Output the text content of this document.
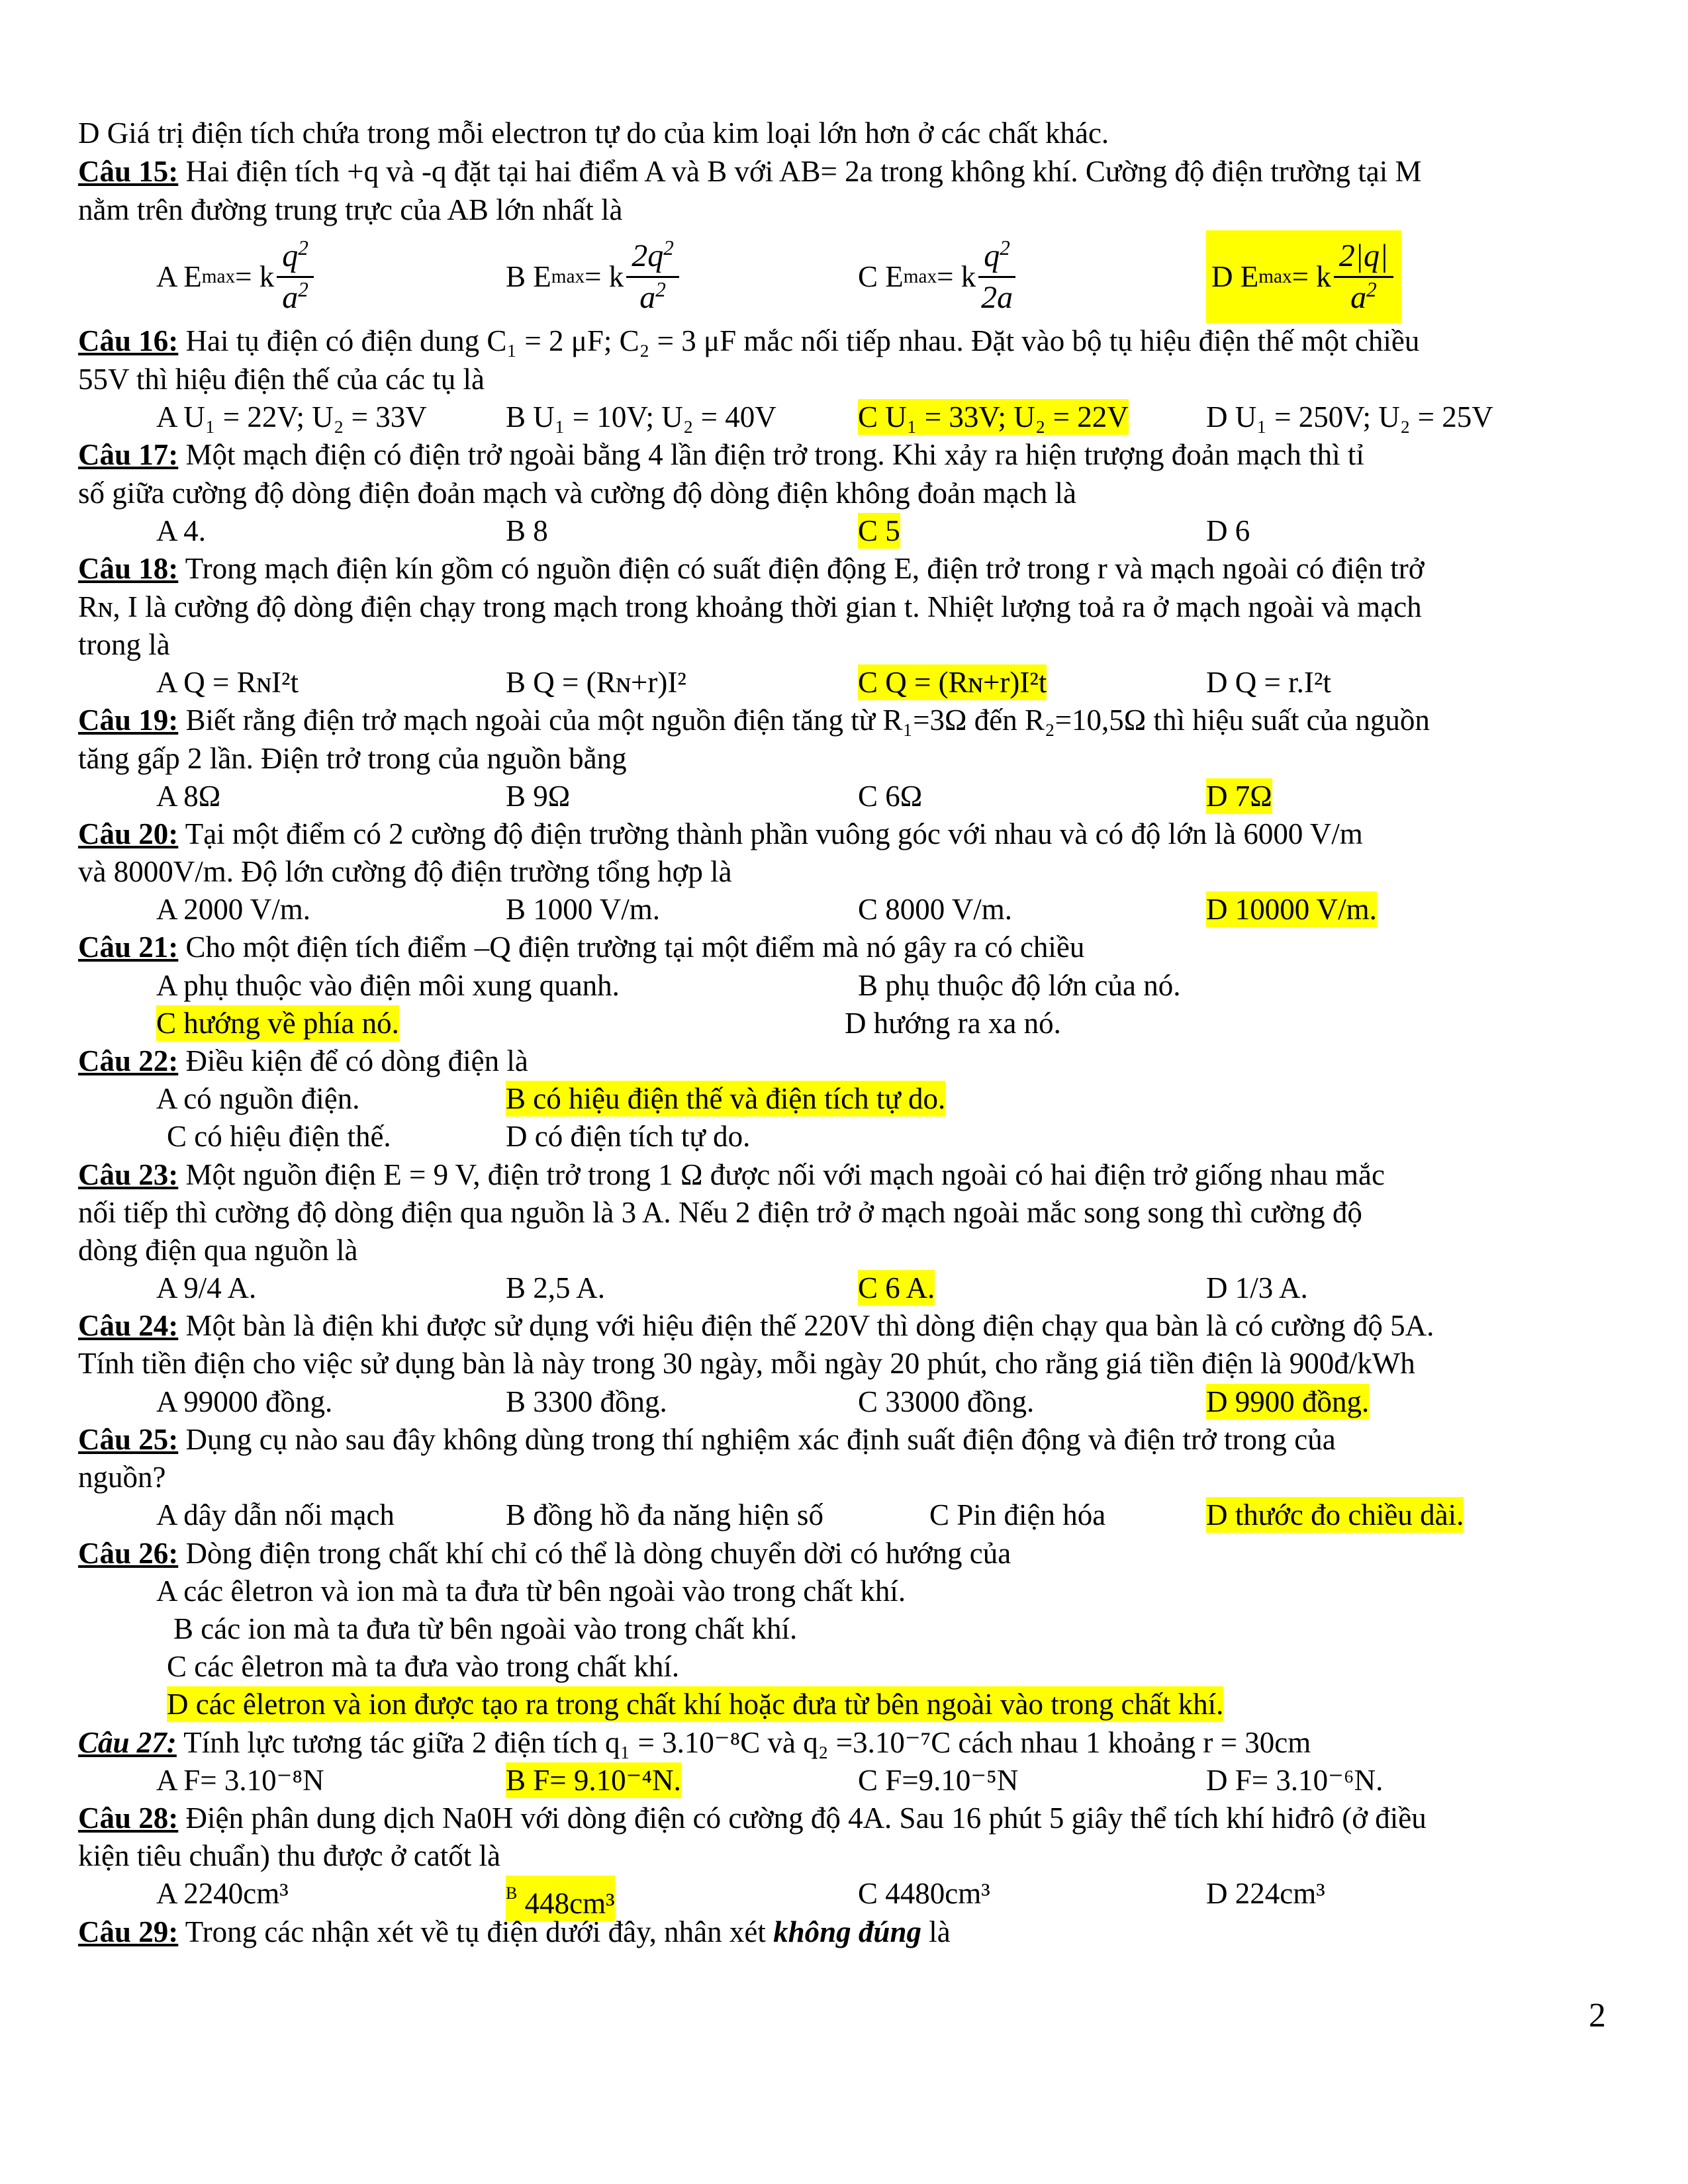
D Giá trị điện tích chứa trong mỗi electron tự do của kim loại lớn hơn ở các chất khác.
Câu 15: Hai điện tích +q và -q đặt tại hai điểm A và B với AB= 2a trong không khí. Cường độ điện trường tại M
nằm trên đường trung trực của AB lớn nhất là
A E max = k $\frac{q^2}{a^2}$	B E max = k $\frac{2q^2}{a^2}$	C E max = k $\frac{q^2}{2a}$	D E max = k $\frac{2|q|}{a^2}$
Câu 16: Hai tụ điện có điện dung C₁ = 2 μF; C₂ = 3 μF mắc nối tiếp nhau. Đặt vào bộ tụ hiệu điện thế một chiều
55V thì hiệu điện thế của các tụ là
A U₁ = 22V; U₂ = 33V	B U₁ = 10V; U₂ = 40V	C U₁ = 33V; U₂ = 22V	D U₁ = 250V; U₂ = 25V
Câu 17: Một mạch điện có điện trở ngoài bằng 4 lần điện trở trong. Khi xảy ra hiện trượng đoản mạch thì tỉ
số giữa cường độ dòng điện đoản mạch và cường độ dòng điện không đoản mạch là
A 4.	B 8	C 5	D 6
Câu 18: Trong mạch điện kín gồm có nguồn điện có suất điện động E, điện trở trong r và mạch ngoài có điện trở
Rɴ, I là cường độ dòng điện chạy trong mạch trong khoảng thời gian t. Nhiệt lượng toả ra ở mạch ngoài và mạch
trong là
A Q = RɴI²t	B Q = (Rɴ+r)I²	C Q = (Rɴ+r)I²t	D Q = r.I²t
Câu 19: Biết rằng điện trở mạch ngoài của một nguồn điện tăng từ R₁=3Ω đến R₂=10,5Ω thì hiệu suất của nguồn
tăng gấp 2 lần. Điện trở trong của nguồn bằng
A 8Ω	B 9Ω	C 6Ω	D 7Ω
Câu 20: Tại một điểm có 2 cường độ điện trường thành phần vuông góc với nhau và có độ lớn là 6000 V/m
và 8000V/m. Độ lớn cường độ điện trường tổng hợp là
A 2000 V/m.	B 1000 V/m.	C 8000 V/m.	D 10000 V/m.
Câu 21: Cho một điện tích điểm –Q điện trường tại một điểm mà nó gây ra có chiều
A phụ thuộc vào điện môi xung quanh.	B phụ thuộc độ lớn của nó.
C hướng về phía nó.	D hướng ra xa nó.
Câu 22: Điều kiện để có dòng điện là
A có nguồn điện.	B có hiệu điện thế và điện tích tự do.
C có hiệu điện thế.	D có điện tích tự do.
Câu 23: Một nguồn điện E = 9 V, điện trở trong 1 Ω được nối với mạch ngoài có hai điện trở giống nhau mắc
nối tiếp thì cường độ dòng điện qua nguồn là 3 A. Nếu 2 điện trở ở mạch ngoài mắc song song thì cường độ
dòng điện qua nguồn là
A 9/4 A.	B 2,5 A.	C 6 A.	D 1/3 A.
Câu 24: Một bàn là điện khi được sử dụng với hiệu điện thế 220V thì dòng điện chạy qua bàn là có cường độ 5A.
Tính tiền điện cho việc sử dụng bàn là này trong 30 ngày, mỗi ngày 20 phút, cho rằng giá tiền điện là 900đ/kWh
A 99000 đồng.	B 3300 đồng.	C 33000 đồng.	D 9900 đồng.
Câu 25: Dụng cụ nào sau đây không dùng trong thí nghiệm xác định suất điện động và điện trở trong của
nguồn?
A dây dẫn nối mạch	B đồng hồ đa năng hiện số	C Pin điện hóa	D thước đo chiều dài.
Câu 26: Dòng điện trong chất khí chỉ có thể là dòng chuyển dời có hướng của
A các êletron và ion mà ta đưa từ bên ngoài vào trong chất khí.
B các ion mà ta đưa từ bên ngoài vào trong chất khí.
C các êletron mà ta đưa vào trong chất khí.
D các êletron và ion được tạo ra trong chất khí hoặc đưa từ bên ngoài vào trong chất khí.
Câu 27: Tính lực tương tác giữa 2 điện tích q₁ = 3.10⁻⁸C và q₂ =3.10⁻⁷C cách nhau 1 khoảng r = 30cm
A F= 3.10⁻⁸N	B F= 9.10⁻⁴N.	C F=9.10⁻⁵N	D F= 3.10⁻⁶N.
Câu 28: Điện phân dung dịch Na0H với dòng điện có cường độ 4A. Sau 16 phút 5 giây thể tích khí hiđrô (ở điều
kiện tiêu chuẩn) thu được ở catốt là
A 2240cm³	$^B$ 448cm³	C 4480cm³	D 224cm³
Câu 29: Trong các nhận xét về tụ điện dưới đây, nhân xét không đúng là
2
